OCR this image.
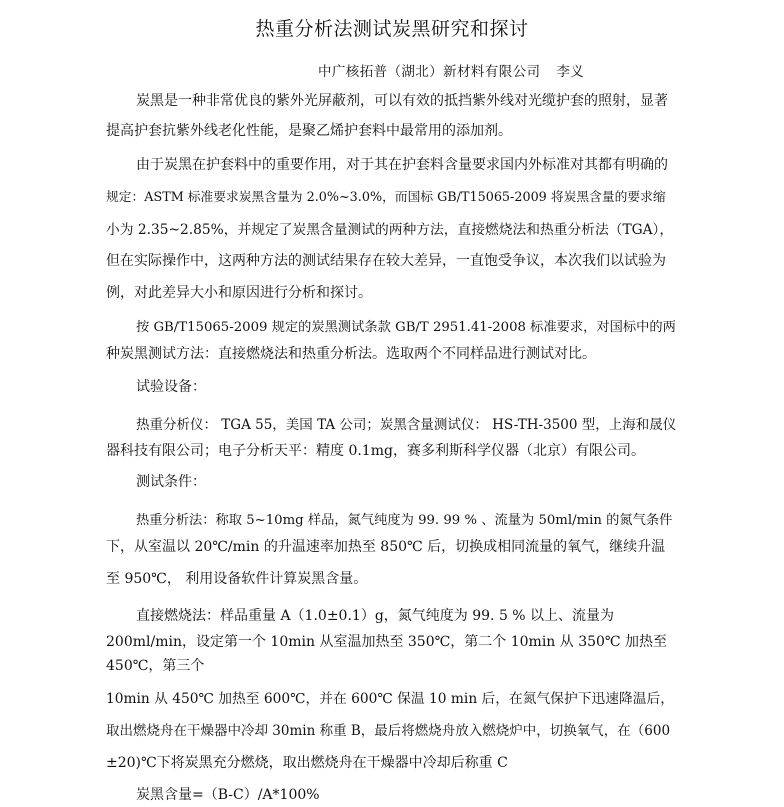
热重分析法测试炭黑研究和探讨
中广核拓普（湖北）新材料有限公司 李义
炭黑是一种非常优良的紫外光屏蔽剂，可以有效的抵挡紫外线对光缆护套的照射，显著
提高护套抗紫外线老化性能，是聚乙烯护套料中最常用的添加剂。
由于炭黑在护套料中的重要作用，对于其在护套料含量要求国内外标准对其都有明确的
规定：ASTM 标准要求炭黑含量为 2.0%~3.0%，而国标 GB/T15065-2009 将炭黑含量的要求缩
小为 2.35~2.85%，并规定了炭黑含量测试的两种方法，直接燃烧法和热重分析法（TGA），
但在实际操作中，这两种方法的测试结果存在较大差异，一直饱受争议，本次我们以试验为
例，对此差异大小和原因进行分析和探讨。
按 GB/T15065-2009 规定的炭黑测试条款 GB/T 2951.41-2008 标准要求，对国标中的两
种炭黑测试方法：直接燃烧法和热重分析法。选取两个不同样品进行测试对比。
试验设备：
热重分析仪： TGA 55，美国 TA 公司；炭黑含量测试仪： HS-TH-3500 型，上海和晟仪
器科技有限公司；电子分析天平：精度 0.1mg，赛多利斯科学仪器（北京）有限公司。
测试条件：
热重分析法：称取 5~10mg 样品，氮气纯度为 99. 99 % 、流量为 50ml/min 的氮气条件
下，从室温以 20℃/min 的升温速率加热至 850℃ 后，切换成相同流量的氧气，继续升温
至 950℃， 利用设备软件计算炭黑含量。
直接燃烧法：样品重量 A（1.0±0.1）g，氮气纯度为 99. 5 % 以上、流量为
200ml/min，设定第一个 10min 从室温加热至 350℃，第二个 10min 从 350℃ 加热至
450℃，第三个
10min 从 450℃ 加热至 600℃，并在 600℃ 保温 10 min 后，在氮气保护下迅速降温后，
取出燃烧舟在干燥器中冷却 30min 称重 B，最后将燃烧舟放入燃烧炉中，切换氧气，在（600
±20)℃下将炭黑充分燃烧，取出燃烧舟在干燥器中冷却后称重 C
炭黑含量=（B-C）/A*100%
